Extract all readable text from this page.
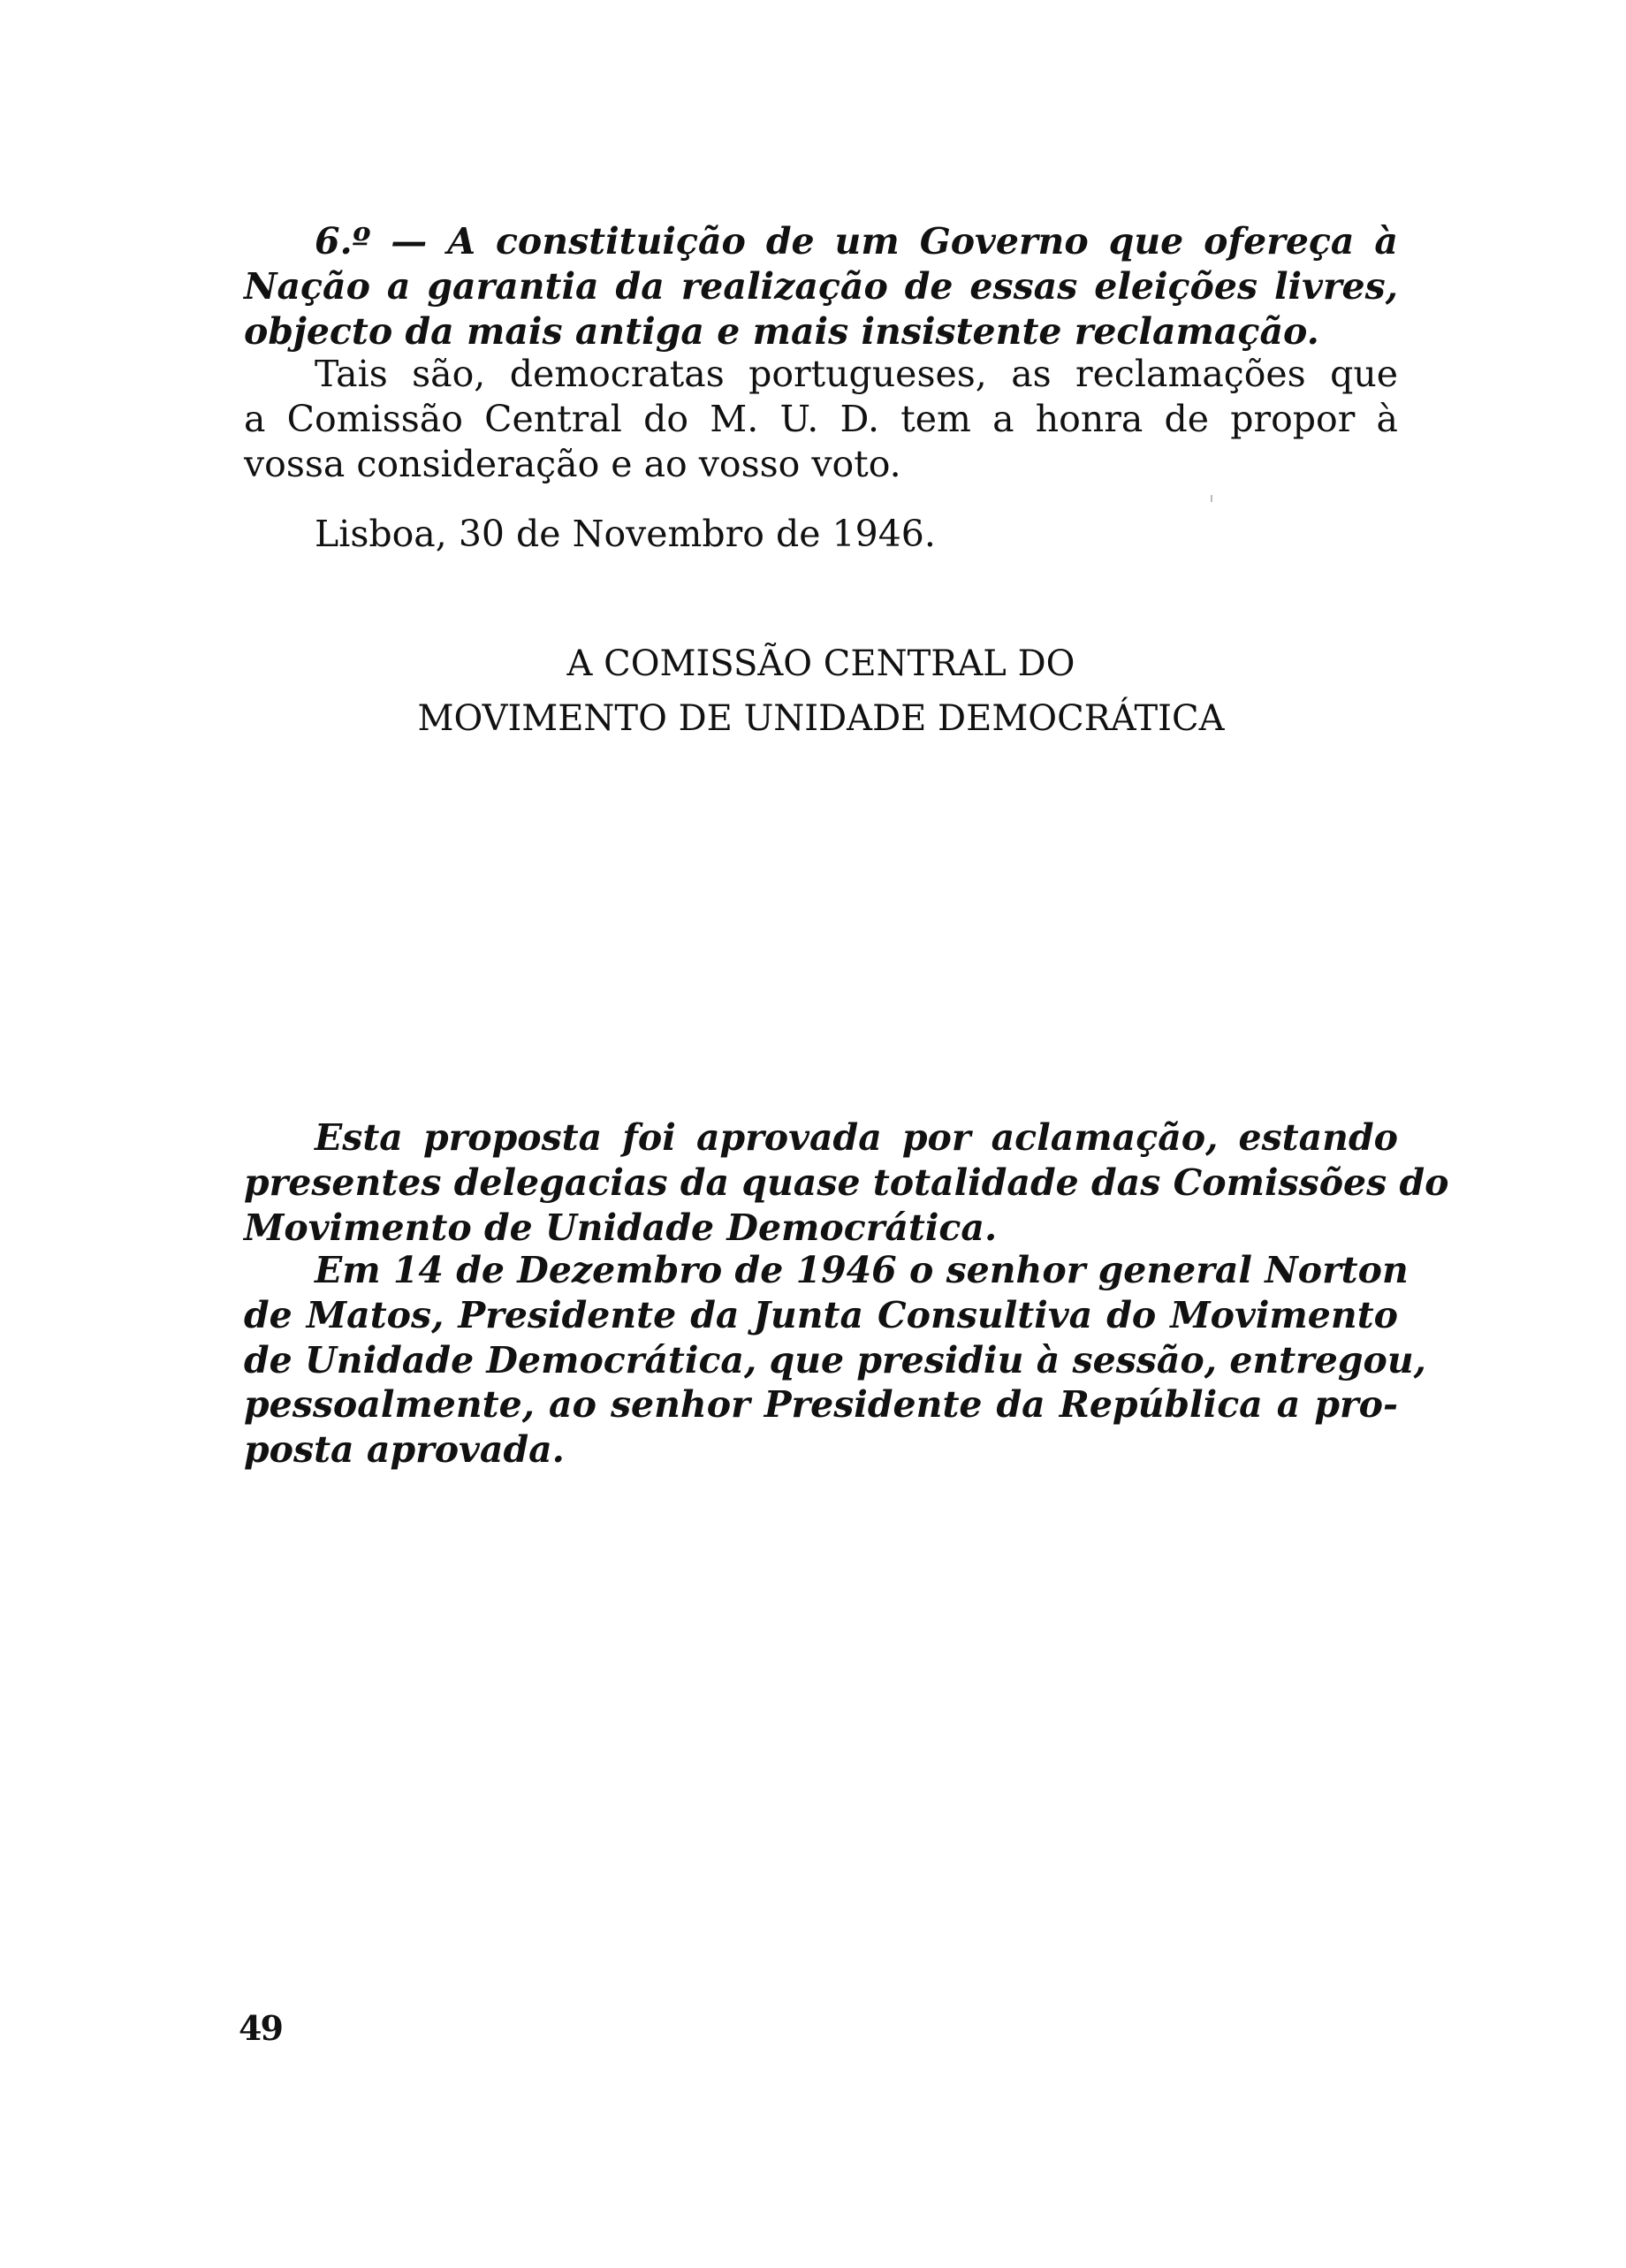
6.º — A constituição de um Governo que ofereça à
Nação a garantia da realização de essas eleições livres,
objecto da mais antiga e mais insistente reclamação.
Tais são, democratas portugueses, as reclamações que
a Comissão Central do M. U. D. tem a honra de propor à
vossa consideração e ao vosso voto.
Lisboa, 30 de Novembro de 1946.
A COMISSÃO CENTRAL DO
MOVIMENTO DE UNIDADE DEMOCRÁTICA
Esta proposta foi aprovada por aclamação, estando
presentes delegacias da quase totalidade das Comissões do
Movimento de Unidade Democrática.
Em 14 de Dezembro de 1946 o senhor general Norton
de Matos, Presidente da Junta Consultiva do Movimento
de Unidade Democrática, que presidiu à sessão, entregou,
pessoalmente, ao senhor Presidente da República a pro-
posta aprovada.
49
